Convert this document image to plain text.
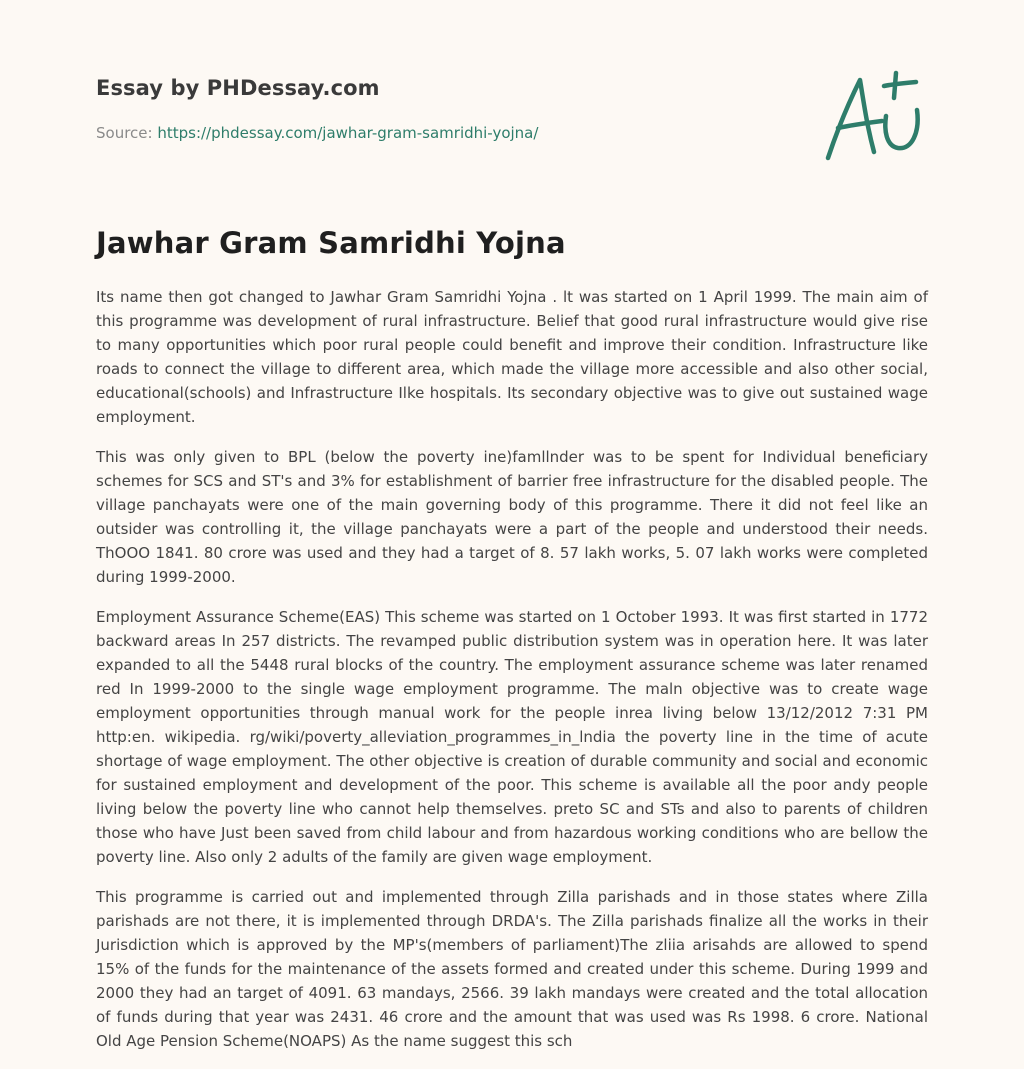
Essay by PHDessay.com

Source: https://phdessay.com/jawhar-gram-samridhi-yojna/

Jawhar Gram Samridhi Yojna

Its name then got changed to Jawhar Gram Samridhi Yojna . lt was started on 1 April 1999. The main aim of this programme was development of rural infrastructure. Belief that good rural infrastructure would give rise to many opportunities which poor rural people could benefit and improve their condition. Infrastructure like roads to connect the village to different area, which made the village more accessible and also other social, educational(schools) and Infrastructure Ilke hospitals. Its secondary objective was to give out sustained wage employment.

This was only given to BPL (below the poverty ine)famllnder was to be spent for Individual beneficiary schemes for SCS and ST's and 3% for establishment of barrier free infrastructure for the disabled people. The village panchayats were one of the main governing body of this programme. There it did not feel like an outsider was controlling it, the village panchayats were a part of the people and understood their needs. ThOOO 1841. 80 crore was used and they had a target of 8. 57 lakh works, 5. 07 lakh works were completed during 1999-2000.

Employment Assurance Scheme(EAS) This scheme was started on 1 October 1993. It was first started in 1772 backward areas In 257 districts. The revamped public distribution system was in operation here. It was later expanded to all the 5448 rural blocks of the country. The employment assurance scheme was later renamed red In 1999-2000 to the single wage employment programme. The maln objective was to create wage employment opportunities through manual work for the people inrea living below 13/12/2012 7:31 PM http:en. wikipedia. rg/wiki/poverty_alleviation_programmes_in_lndia the poverty line in the time of acute shortage of wage employment. The other objective is creation of durable community and social and economic for sustained employment and development of the poor. This scheme is available all the poor andy people living below the poverty line who cannot help themselves. preto SC and STs and also to parents of children those who have Just been saved from child labour and from hazardous working conditions who are bellow the poverty line. Also only 2 adults of the family are given wage employment.

This programme is carried out and implemented through Zilla parishads and in those states where Zilla parishads are not there, it is implemented through DRDA's. The Zilla parishads finalize all the works in their Jurisdiction which is approved by the MP's(members of parliament)The zliia arisahds are allowed to spend 15% of the funds for the maintenance of the assets formed and created under this scheme. During 1999 and 2000 they had an target of 4091. 63 mandays, 2566. 39 lakh mandays were created and the total allocation of funds during that year was 2431. 46 crore and the amount that was used was Rs 1998. 6 crore. National Old Age Pension Scheme(NOAPS) As the name suggest this sch
